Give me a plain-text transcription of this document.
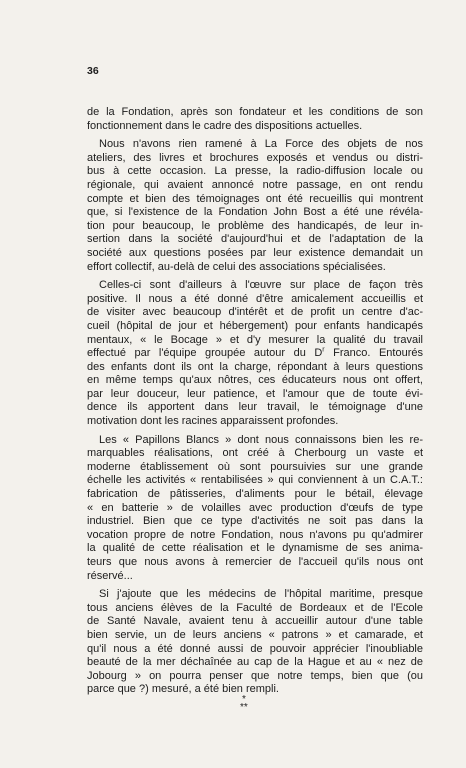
36
de la Fondation, après son fondateur et les conditions de son
fonctionnement dans le cadre des dispositions actuelles.
Nous n'avons rien ramené à La Force des objets de nos
ateliers, des livres et brochures exposés et vendus ou distri-
bus à cette occasion. La presse, la radio-diffusion locale ou
régionale, qui avaient annoncé notre passage, en ont rendu
compte et bien des témoignages ont été recueillis qui montrent
que, si l'existence de la Fondation John Bost a été une révéla-
tion pour beaucoup, le problème des handicapés, de leur in-
sertion dans la société d'aujourd'hui et de l'adaptation de la
société aux questions posées par leur existence demandait un
effort collectif, au-delà de celui des associations spécialisées.
Celles-ci sont d'ailleurs à l'œuvre sur place de façon très
positive. Il nous a été donné d'être amicalement accueillis et
de visiter avec beaucoup d'intérêt et de profit un centre d'ac-
cueil (hôpital de jour et hébergement) pour enfants handicapés
mentaux, « le Bocage » et d'y mesurer la qualité du travail
effectué par l'équipe groupée autour du $D^r$ Franco. Entourés
des enfants dont ils ont la charge, répondant à leurs questions
en même temps qu'aux nôtres, ces éducateurs nous ont offert,
par leur douceur, leur patience, et l'amour que de toute évi-
dence ils apportent dans leur travail, le témoignage d'une
motivation dont les racines apparaissent profondes.
Les « Papillons Blancs » dont nous connaissons bien les re-
marquables réalisations, ont créé à Cherbourg un vaste et
moderne établissement où sont poursuivies sur une grande
échelle les activités « rentabilisées » qui conviennent à un C.A.T.:
fabrication de pâtisseries, d'aliments pour le bétail, élevage
« en batterie » de volailles avec production d'œufs de type
industriel. Bien que ce type d'activités ne soit pas dans la
vocation propre de notre Fondation, nous n'avons pu qu'admirer
la qualité de cette réalisation et le dynamisme de ses anima-
teurs que nous avons à remercier de l'accueil qu'ils nous ont
réservé...
Si j'ajoute que les médecins de l'hôpital maritime, presque
tous anciens élèves de la Faculté de Bordeaux et de l'Ecole
de Santé Navale, avaient tenu à accueillir autour d'une table
bien servie, un de leurs anciens « patrons » et camarade, et
qu'il nous a été donné aussi de pouvoir apprécier l'inoubliable
beauté de la mer déchaînée au cap de la Hague et au « nez de
Jobourg » on pourra penser que notre temps, bien que (ou
parce que ?) mesuré, a été bien rempli.
*
**
